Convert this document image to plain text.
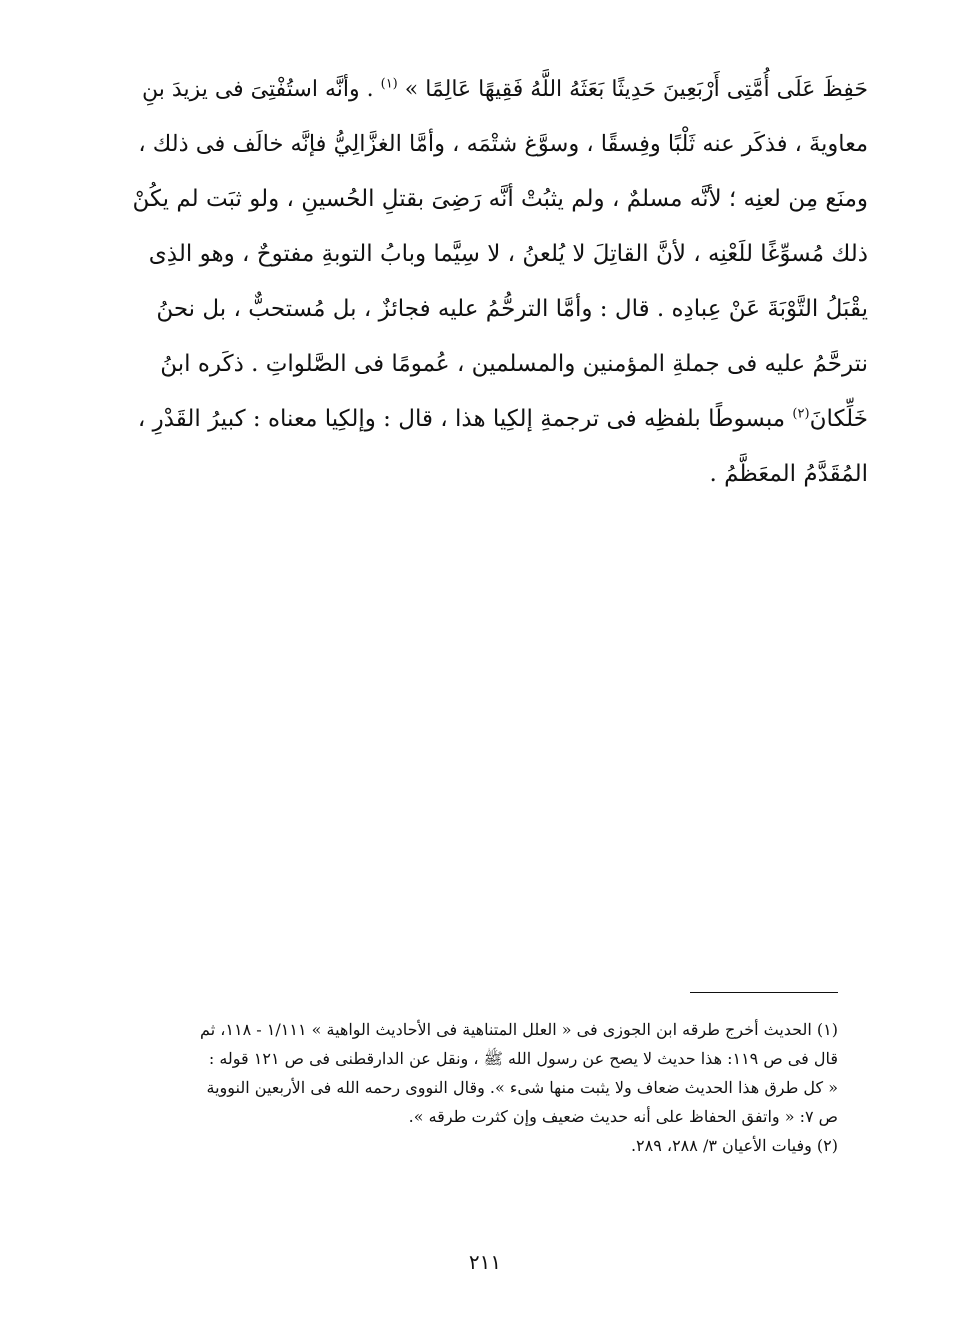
حَفِظَ عَلَى أُمَّتِى أَرْبَعِينَ حَدِيثًا بَعَثَهُ اللَّهُ فَقِيهًا عَالِمًا » $^{(١)}$ . وأنَّه استُفْتِىَ فى يزيدَ بنِ
معاويةَ ، فذكَر عنه ثَلْبًا وفِسقًا ، وسوَّغ شتْمَه ، وأمَّا الغزَّالِيُّ فإنَّه خالَف فى ذلك ،
ومنَع مِن لعنِه ؛ لأنَّه مسلمٌ ، ولم يثبُتْ أنَّه رَضِىَ بقتلِ الحُسينِ ، ولو ثبَت لم يكُنْ
ذلك مُسوِّغًا للَعْنِه ، لأنَّ القاتِلَ لا يُلعنُ ، لا سِيَّما وبابُ التوبةِ مفتوحٌ ، وهو الذِى
يقْبَلُ التَّوْبَةَ عَنْ عِبادِه . قال : وأمَّا الترحُّمُ عليه فجائزٌ ، بل مُستحبٌّ ، بل نحنُ
نترحَّمُ عليه فى جملةِ المؤمنين والمسلمين ، عُمومًا فى الصَّلواتِ . ذكَره ابنُ
خَلِّكانَ$^{(٢)}$ مبسوطًا بلفظِه فى ترجمةِ إلكِيا هذا ، قال : وإلكِيا معناه : كبيرُ القَدْرِ ،
المُقَدَّمُ المعَظَّمُ .
(١) الحديث أخرج طرقه ابن الجوزى فى « العلل المتناهية فى الأحاديث الواهية » ١/١١١ - ١١٨، ثم
قال فى ص ١١٩: هذا حديث لا يصح عن رسول الله ﷺ ، ونقل عن الدارقطنى فى ص ١٢١ قوله :
« كل طرق هذا الحديث ضعاف ولا يثبت منها شىء ». وقال النووى رحمه الله فى الأربعين النووية
ص ٧: « واتفق الحفاظ على أنه حديث ضعيف وإن كثرت طرقه ».
(٢) وفيات الأعيان ٣/ ٢٨٨، ٢٨٩.
٢١١
